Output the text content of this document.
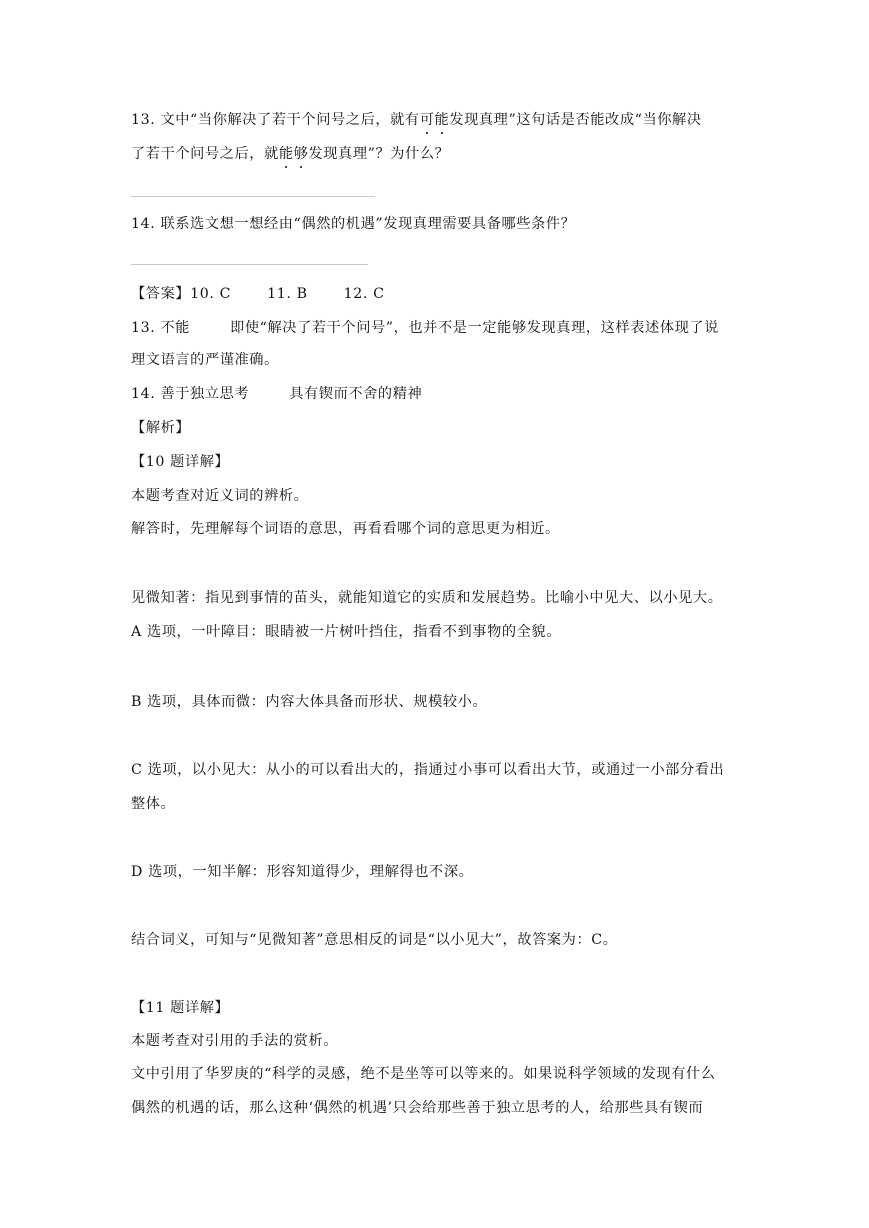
13. 文中“当你解决了若干个问号之后，就有可能发现真理”这句话是否能改成“当你解决
了若干个问号之后，就能够发现真理”？为什么？
14. 联系选文想一想经由“偶然的机遇”发现真理需要具备哪些条件？
【答案】10. C	11. B	12. C
13. 不能	即使“解决了若干个问号”，也并不是一定能够发现真理，这样表述体现了说
理文语言的严谨准确。
14. 善于独立思考	具有锲而不舍的精神
【解析】
【10 题详解】
本题考查对近义词的辨析。
解答时，先理解每个词语的意思，再看看哪个词的意思更为相近。
见微知著：指见到事情的苗头，就能知道它的实质和发展趋势。比喻小中见大、以小见大。
A 选项，一叶障目：眼睛被一片树叶挡住，指看不到事物的全貌。
B 选项，具体而微：内容大体具备而形状、规模较小。
C 选项，以小见大：从小的可以看出大的，指通过小事可以看出大节，或通过一小部分看出
整体。
D 选项，一知半解：形容知道得少，理解得也不深。
结合词义，可知与“见微知著”意思相反的词是“以小见大”，故答案为：C。
【11 题详解】
本题考查对引用的手法的赏析。
文中引用了华罗庚的“科学的灵感，绝不是坐等可以等来的。如果说科学领域的发现有什么
偶然的机遇的话，那么这种‘偶然的机遇’只会给那些善于独立思考的人，给那些具有锲而
